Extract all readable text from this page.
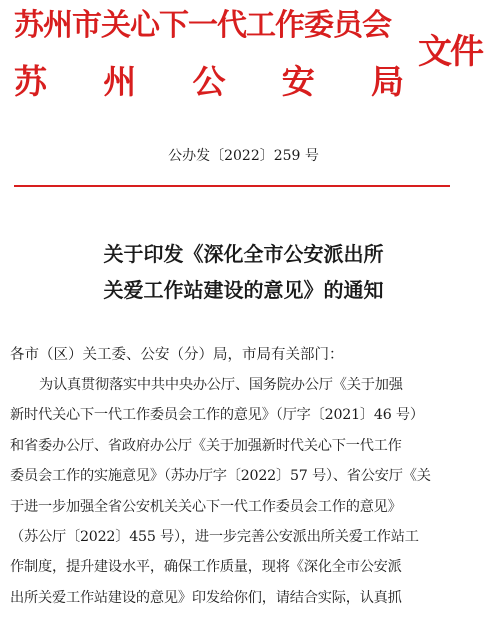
苏州市关心下一代工作委员会
苏 州 公 安 局
文件
公办发〔2022〕259 号
关于印发《深化全市公安派出所
关爱工作站建设的意见》的通知
各市（区）关工委、公安（分）局，市局有关部门：
为认真贯彻落实中共中央办公厅、国务院办公厅《关于加强
新时代关心下一代工作委员会工作的意见》（厅字〔2021〕46 号）
和省委办公厅、省政府办公厅《关于加强新时代关心下一代工作
委员会工作的实施意见》（苏办厅字〔2022〕57 号）、省公安厅《关
于进一步加强全省公安机关关心下一代工作委员会工作的意见》
（苏公厅〔2022〕455 号），进一步完善公安派出所关爱工作站工
作制度，提升建设水平，确保工作质量，现将《深化全市公安派
出所关爱工作站建设的意见》印发给你们，请结合实际，认真抓
